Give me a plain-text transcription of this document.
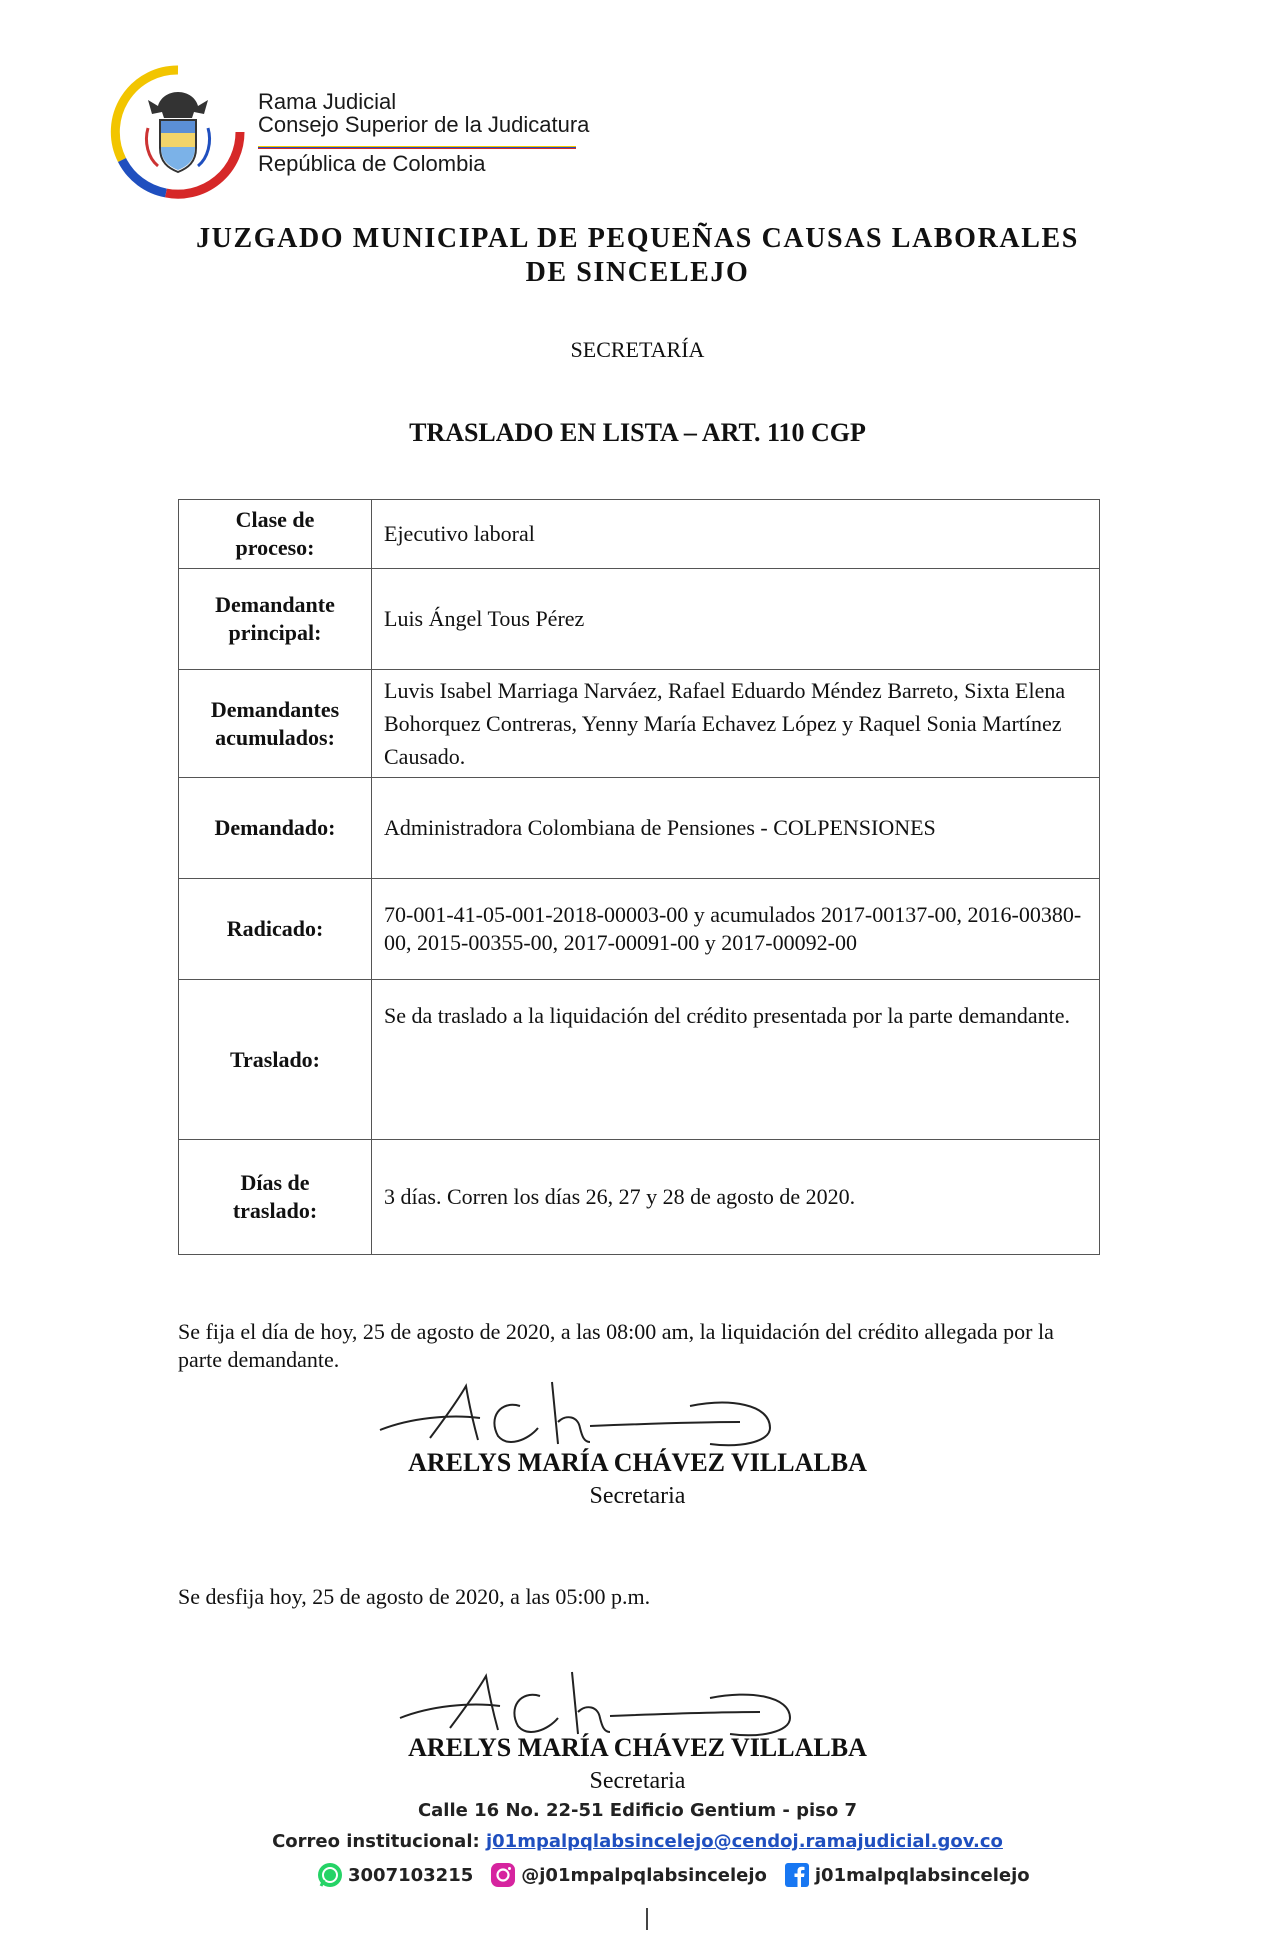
Rama Judicial
Consejo Superior de la Judicatura
República de Colombia
JUZGADO MUNICIPAL DE PEQUEÑAS CAUSAS LABORALES
DE SINCELEJO
SECRETARÍA
TRASLADO EN LISTA – ART. 110 CGP
Clase de
proceso:	Ejecutivo laboral

Demandante
principal:	Luis Ángel Tous Pérez

Demandantes
acumulados:	Luvis Isabel Marriaga Narváez, Rafael Eduardo Méndez Barreto, Sixta Elena Bohorquez Contreras, Yenny María Echavez López y Raquel Sonia Martínez Causado.

Demandado:	Administradora Colombiana de Pensiones - COLPENSIONES

Radicado:	70-001-41-05-001-2018-00003-00 y acumulados 2017-00137-00, 2016-00380-00, 2015-00355-00, 2017-00091-00 y 2017-00092-00

Traslado:	Se da traslado a la liquidación del crédito presentada por la parte demandante.

Días de
traslado:	3 días. Corren los días 26, 27 y 28 de agosto de 2020.
Se fija el día de hoy, 25 de agosto de 2020, a las 08:00 am, la liquidación del crédito allegada por la parte demandante.
ARELYS MARÍA CHÁVEZ VILLALBA
Secretaria
Se desfija hoy, 25 de agosto de 2020, a las 05:00 p.m.
ARELYS MARÍA CHÁVEZ VILLALBA
Secretaria
Calle 16 No. 22-51 Edificio Gentium - piso 7
Correo institucional: j01mpalpqlabsincelejo@cendoj.ramajudicial.gov.co
3007103215	@j01mpalpqlabsincelejo	j01malpqlabsincelejo
